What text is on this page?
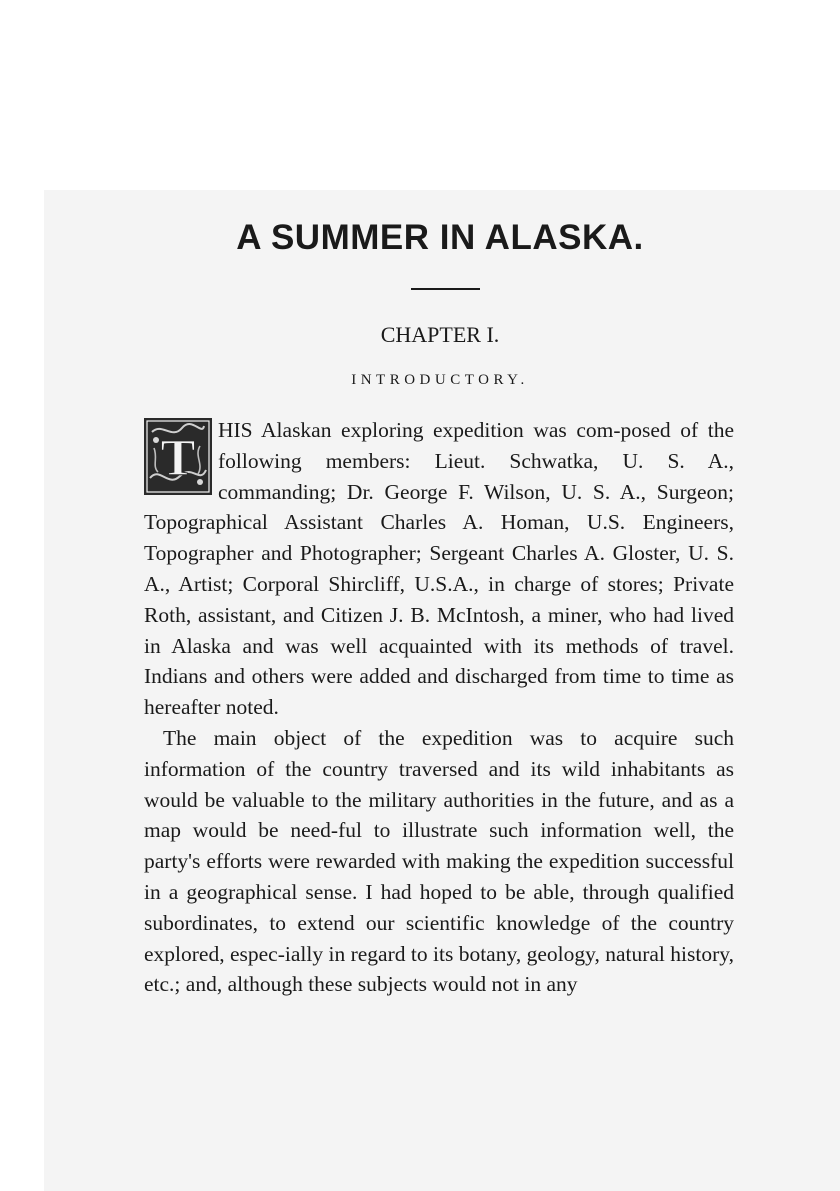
A SUMMER IN ALASKA.
CHAPTER I.
INTRODUCTORY.
T	HIS Alaskan exploring expedition was com-posed of the following members: Lieut. Schwatka, U. S. A., commanding; Dr. George F. Wilson, U. S. A., Surgeon; Topographical Assistant Charles A. Homan, U.S. Engineers, Topographer and Photographer; Sergeant Charles A. Gloster, U. S. A., Artist; Corporal Shircliff, U.S.A., in charge of stores; Private Roth, assistant, and Citizen J. B. McIntosh, a miner, who had lived in Alaska and was well acquainted with its methods of travel. Indians and others were added and discharged from time to time as hereafter noted.

The main object of the expedition was to acquire such information of the country traversed and its wild inhabitants as would be valuable to the military authorities in the future, and as a map would be need-ful to illustrate such information well, the party's efforts were rewarded with making the expedition successful in a geographical sense. I had hoped to be able, through qualified subordinates, to extend our scientific knowledge of the country explored, espec-ially in regard to its botany, geology, natural history, etc.; and, although these subjects would not in any
